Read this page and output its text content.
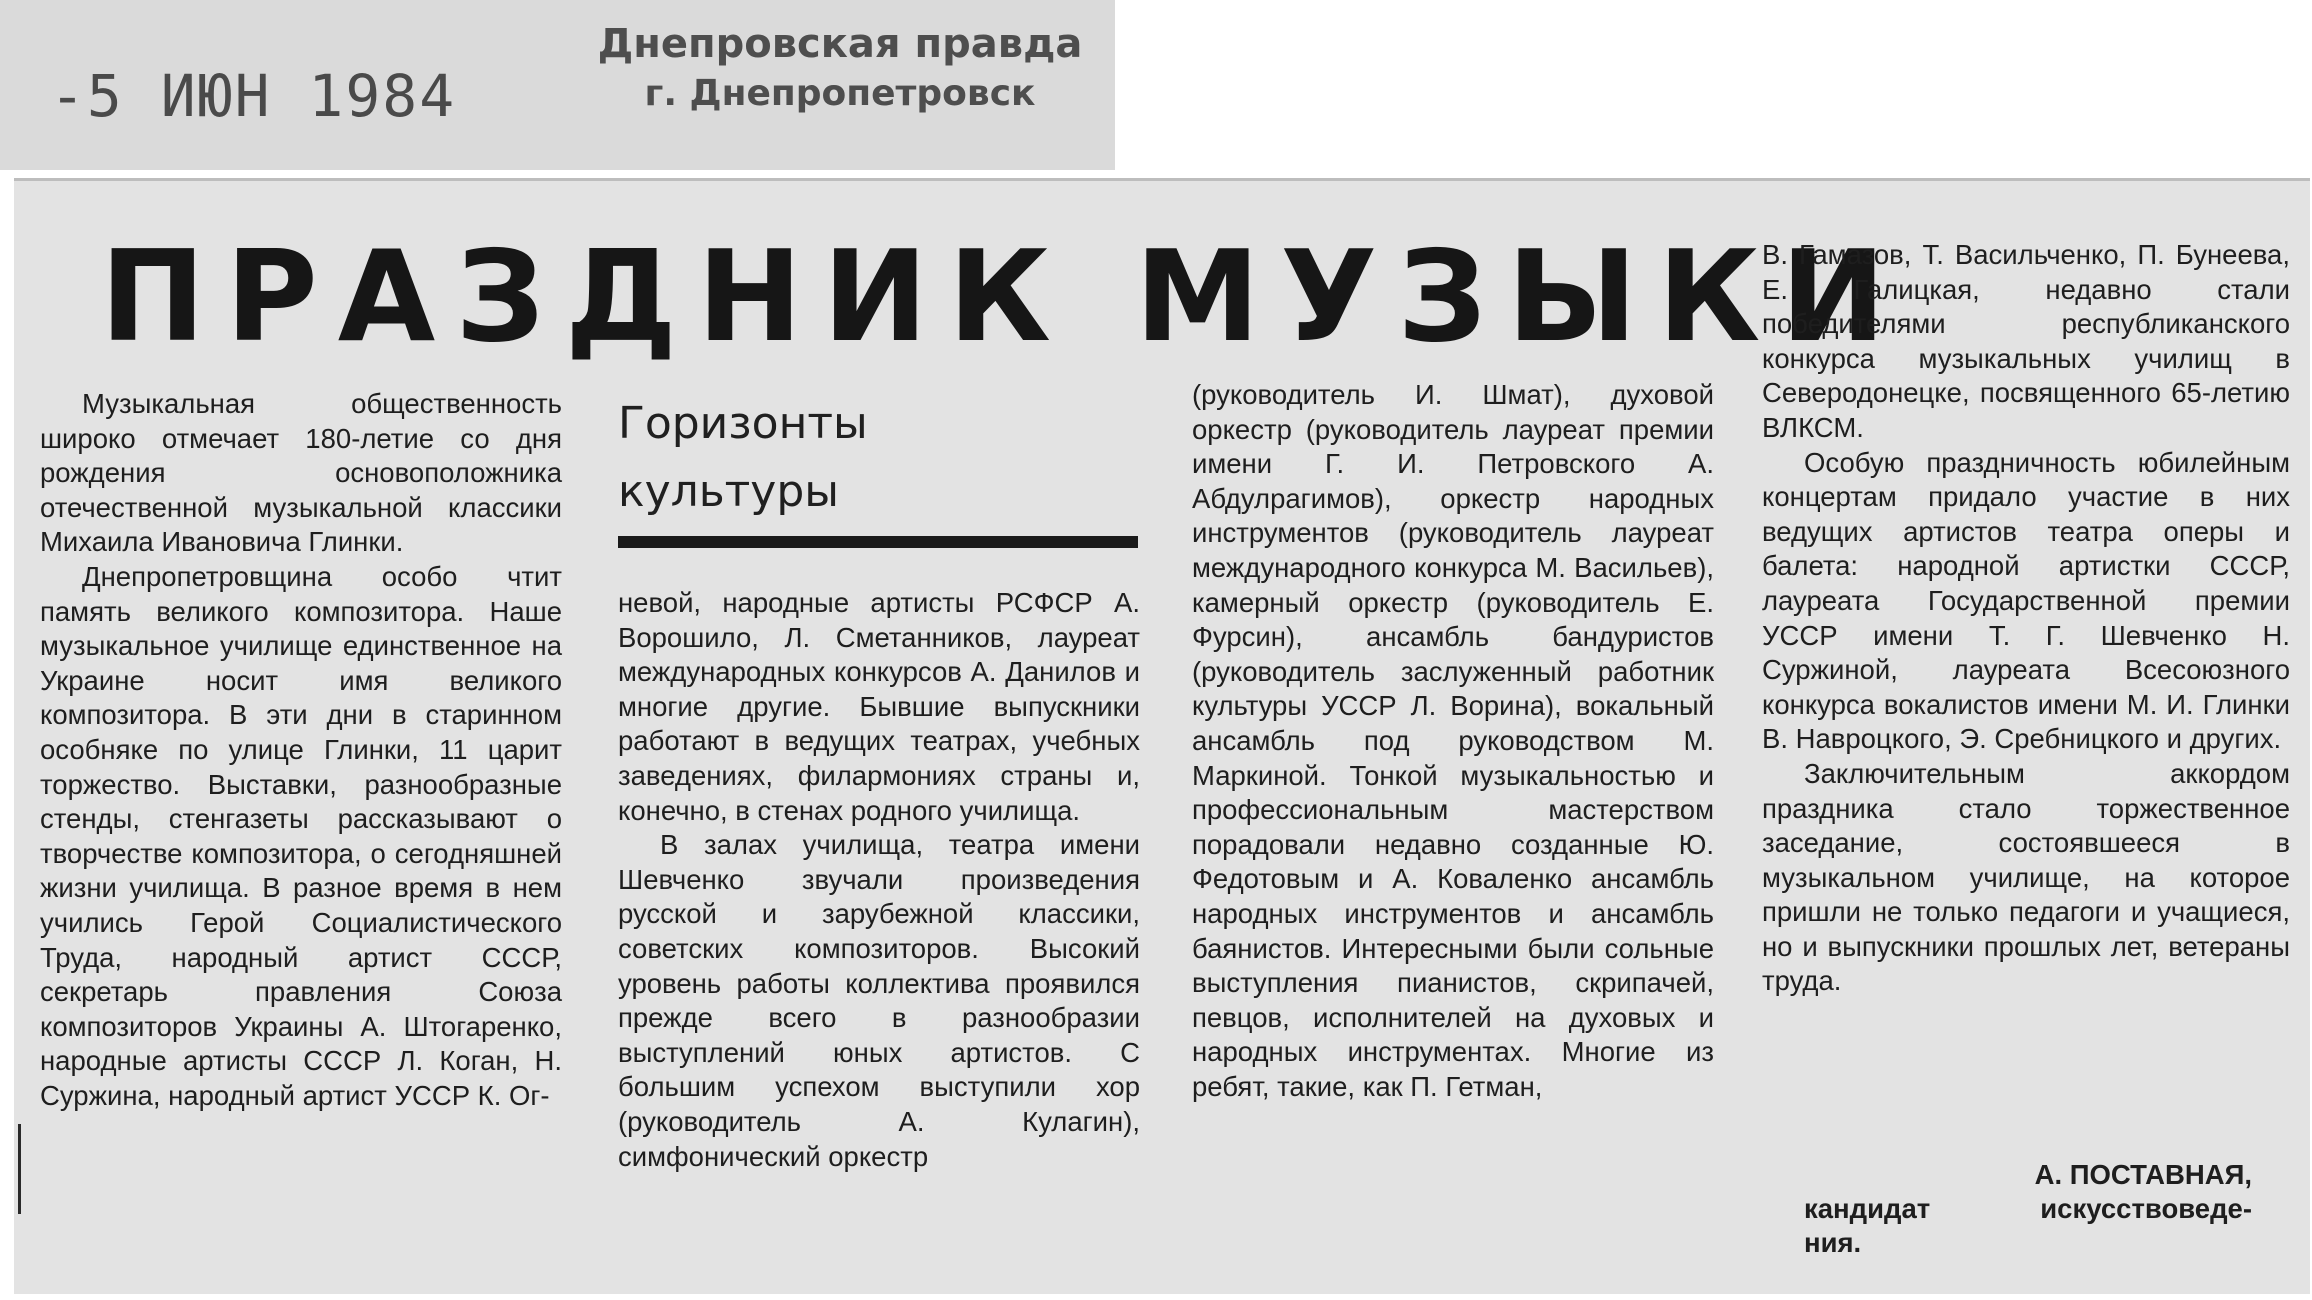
-5 ИЮН 1984
Днепровская правда
г. Днепропетровск
ПРАЗДНИК МУЗЫКИ

Музыкальная общественность широко отмечает 180-летие со дня рождения основоположника отечественной музыкальной классики Михаила Ивановича Глинки.

Днепропетровщина особо чтит память великого композитора. Наше музыкальное училище единственное на Украине носит имя великого композитора. В эти дни в старинном особняке по улице Глинки, 11 царит торжество. Выставки, разнообразные стенды, стенгазеты рассказывают о творчестве композитора, о сегодняшней жизни училища. В разное время в нем учились Герой Социалистического Труда, народный артист СССР, секретарь правления Союза композиторов Украины А. Штогаренко, народные артисты СССР Л. Коган, Н. Суржина, народный артист УССР К. Ог-

Горизонты
культуры

невой, народные артисты РСФСР А. Ворошило, Л. Сметанников, лауреат международных конкурсов А. Данилов и многие другие. Бывшие выпускники работают в ведущих театрах, учебных заведениях, филармониях страны и, конечно, в стенах родного училища.

В залах училища, театра имени Шевченко звучали произведения русской и зарубежной классики, советских композиторов. Высокий уровень работы коллектива проявился прежде всего в разнообразии выступлений юных артистов. С большим успехом выступили хор (руководитель А. Кулагин), симфонический оркестр

(руководитель И. Шмат), духовой оркестр (руководитель лауреат премии имени Г. И. Петровского А. Абдулрагимов), оркестр народных инструментов (руководитель лауреат международного конкурса М. Васильев), камерный оркестр (руководитель Е. Фурсин), ансамбль бандуристов (руководитель заслуженный работник культуры УССР Л. Ворина), вокальный ансамбль под руководством М. Маркиной. Тонкой музыкальностью и профессиональным мастерством порадовали недавно созданные Ю. Федотовым и А. Коваленко ансамбль народных инструментов и ансамбль баянистов. Интересными были сольные выступления пианистов, скрипачей, певцов, исполнителей на духовых и народных инструментах. Многие из ребят, такие, как П. Гетман,

В. Гамазов, Т. Васильченко, П. Бунеева, Е. Галицкая, недавно стали победителями республиканского конкурса музыкальных училищ в Северодонецке, посвященного 65-летию ВЛКСМ.

Особую праздничность юбилейным концертам придало участие в них ведущих артистов театра оперы и балета: народной артистки СССР, лауреата Государственной премии УССР имени Т. Г. Шевченко Н. Суржиной, лауреата Всесоюзного конкурса вокалистов имени М. И. Глинки В. Навроцкого, Э. Сребницкого и других.

Заключительным аккордом праздника стало торжественное заседание, состоявшееся в музыкальном училище, на которое пришли не только педагоги и учащиеся, но и выпускники прошлых лет, ветераны труда.

А. ПОСТАВНАЯ,
кандидат искусствоведе-
ния.
